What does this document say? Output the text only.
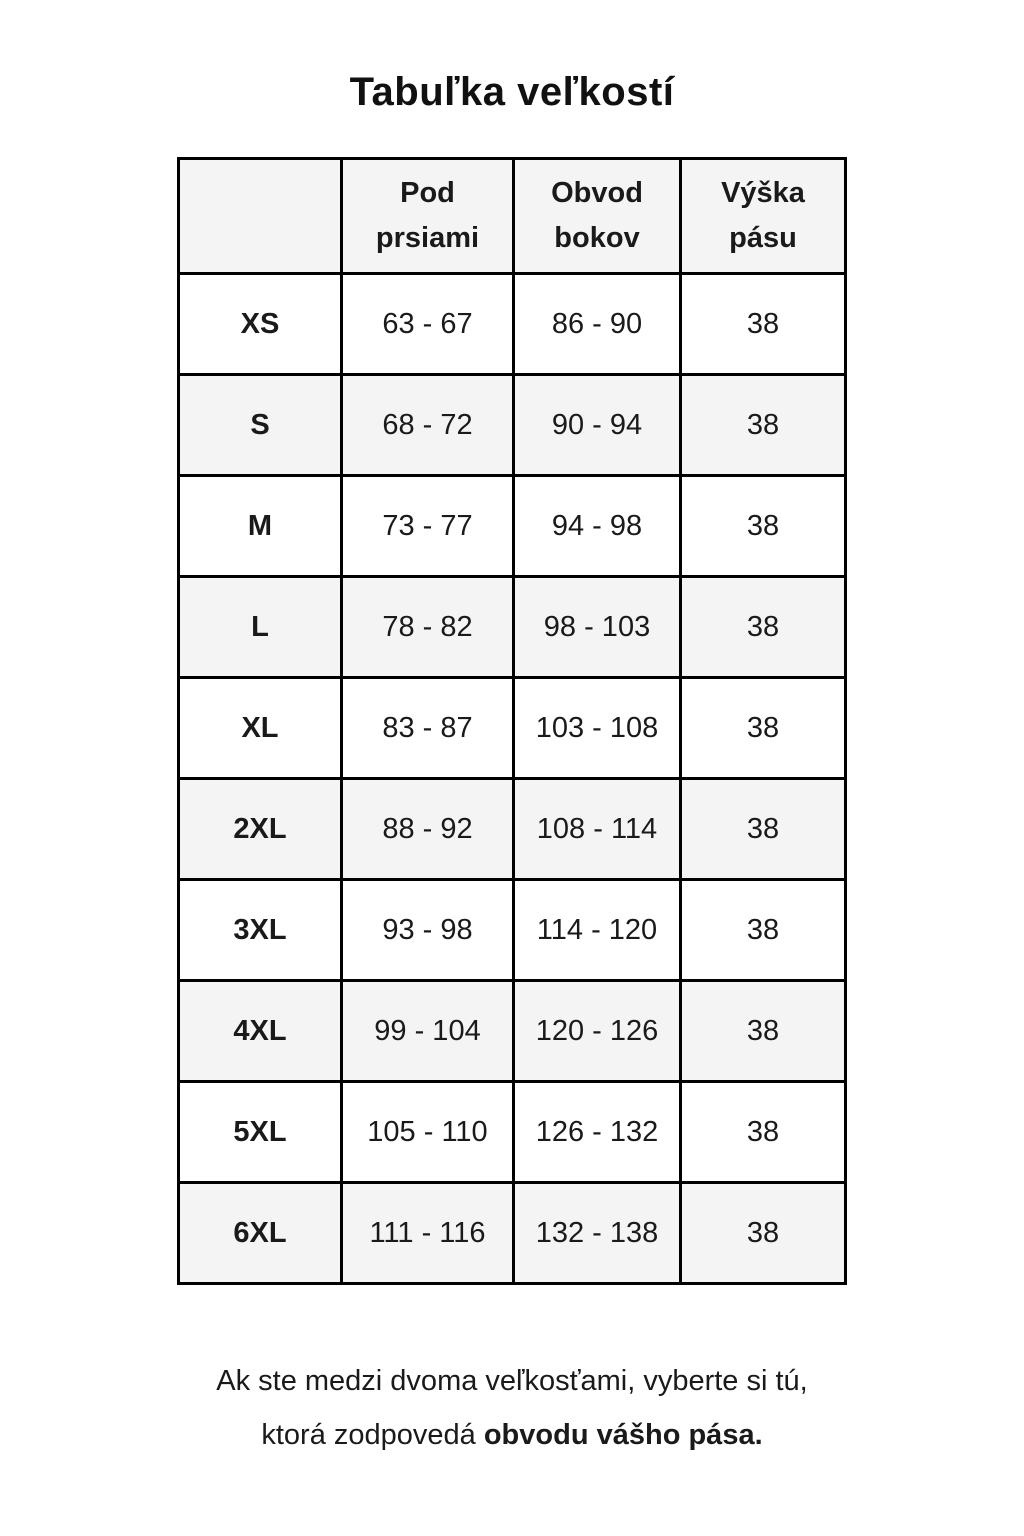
Tabuľka veľkostí
	Pod prsiami	Obvod bokov	Výška pásu
XS	63 - 67	86 - 90	38
S	68 - 72	90 - 94	38
M	73 - 77	94 - 98	38
L	78 - 82	98 - 103	38
XL	83 - 87	103 - 108	38
2XL	88 - 92	108 - 114	38
3XL	93 - 98	114 - 120	38
4XL	99 - 104	120 - 126	38
5XL	105 - 110	126 - 132	38
6XL	111 - 116	132 - 138	38
Ak ste medzi dvoma veľkosťami, vyberte si tú,
ktorá zodpovedá obvodu vášho pása.
